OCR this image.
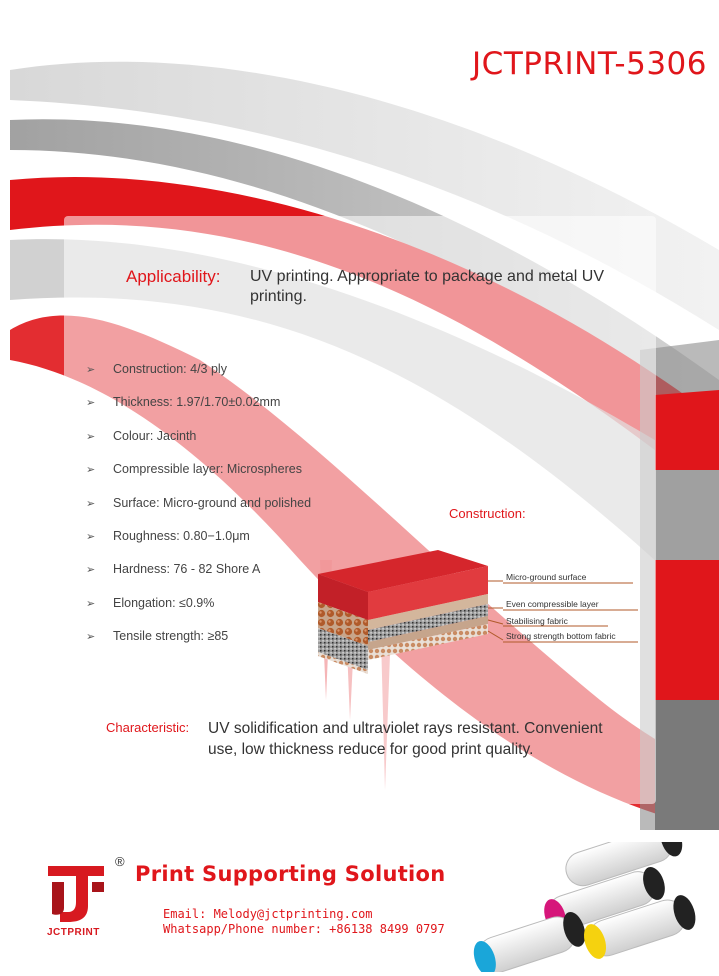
JCTPRINT-5306
Applicability: UV printing. Appropriate to package and metal UV printing.
➢ Construction: 4/3 ply
➢ Thickness: 1.97/1.70±0.02mm
➢ Colour: Jacinth
➢ Compressible layer: Microspheres
➢ Surface: Micro-ground and polished
➢ Roughness: 0.80−1.0μm
➢ Hardness: 76 - 82 Shore A
➢ Elongation: ≤0.9%
➢ Tensile strength: ≥85
Construction:
Micro-ground surface
Even compressible layer
Stabilising fabric
Strong strength bottom fabric
Characteristic: UV solidification and ultraviolet rays resistant. Convenient use, low thickness reduce for good print quality.
®
JCTPRINT
Print Supporting Solution
Email: Melody@jctprinting.com
Whatsapp/Phone number: +86138 8499 0797
